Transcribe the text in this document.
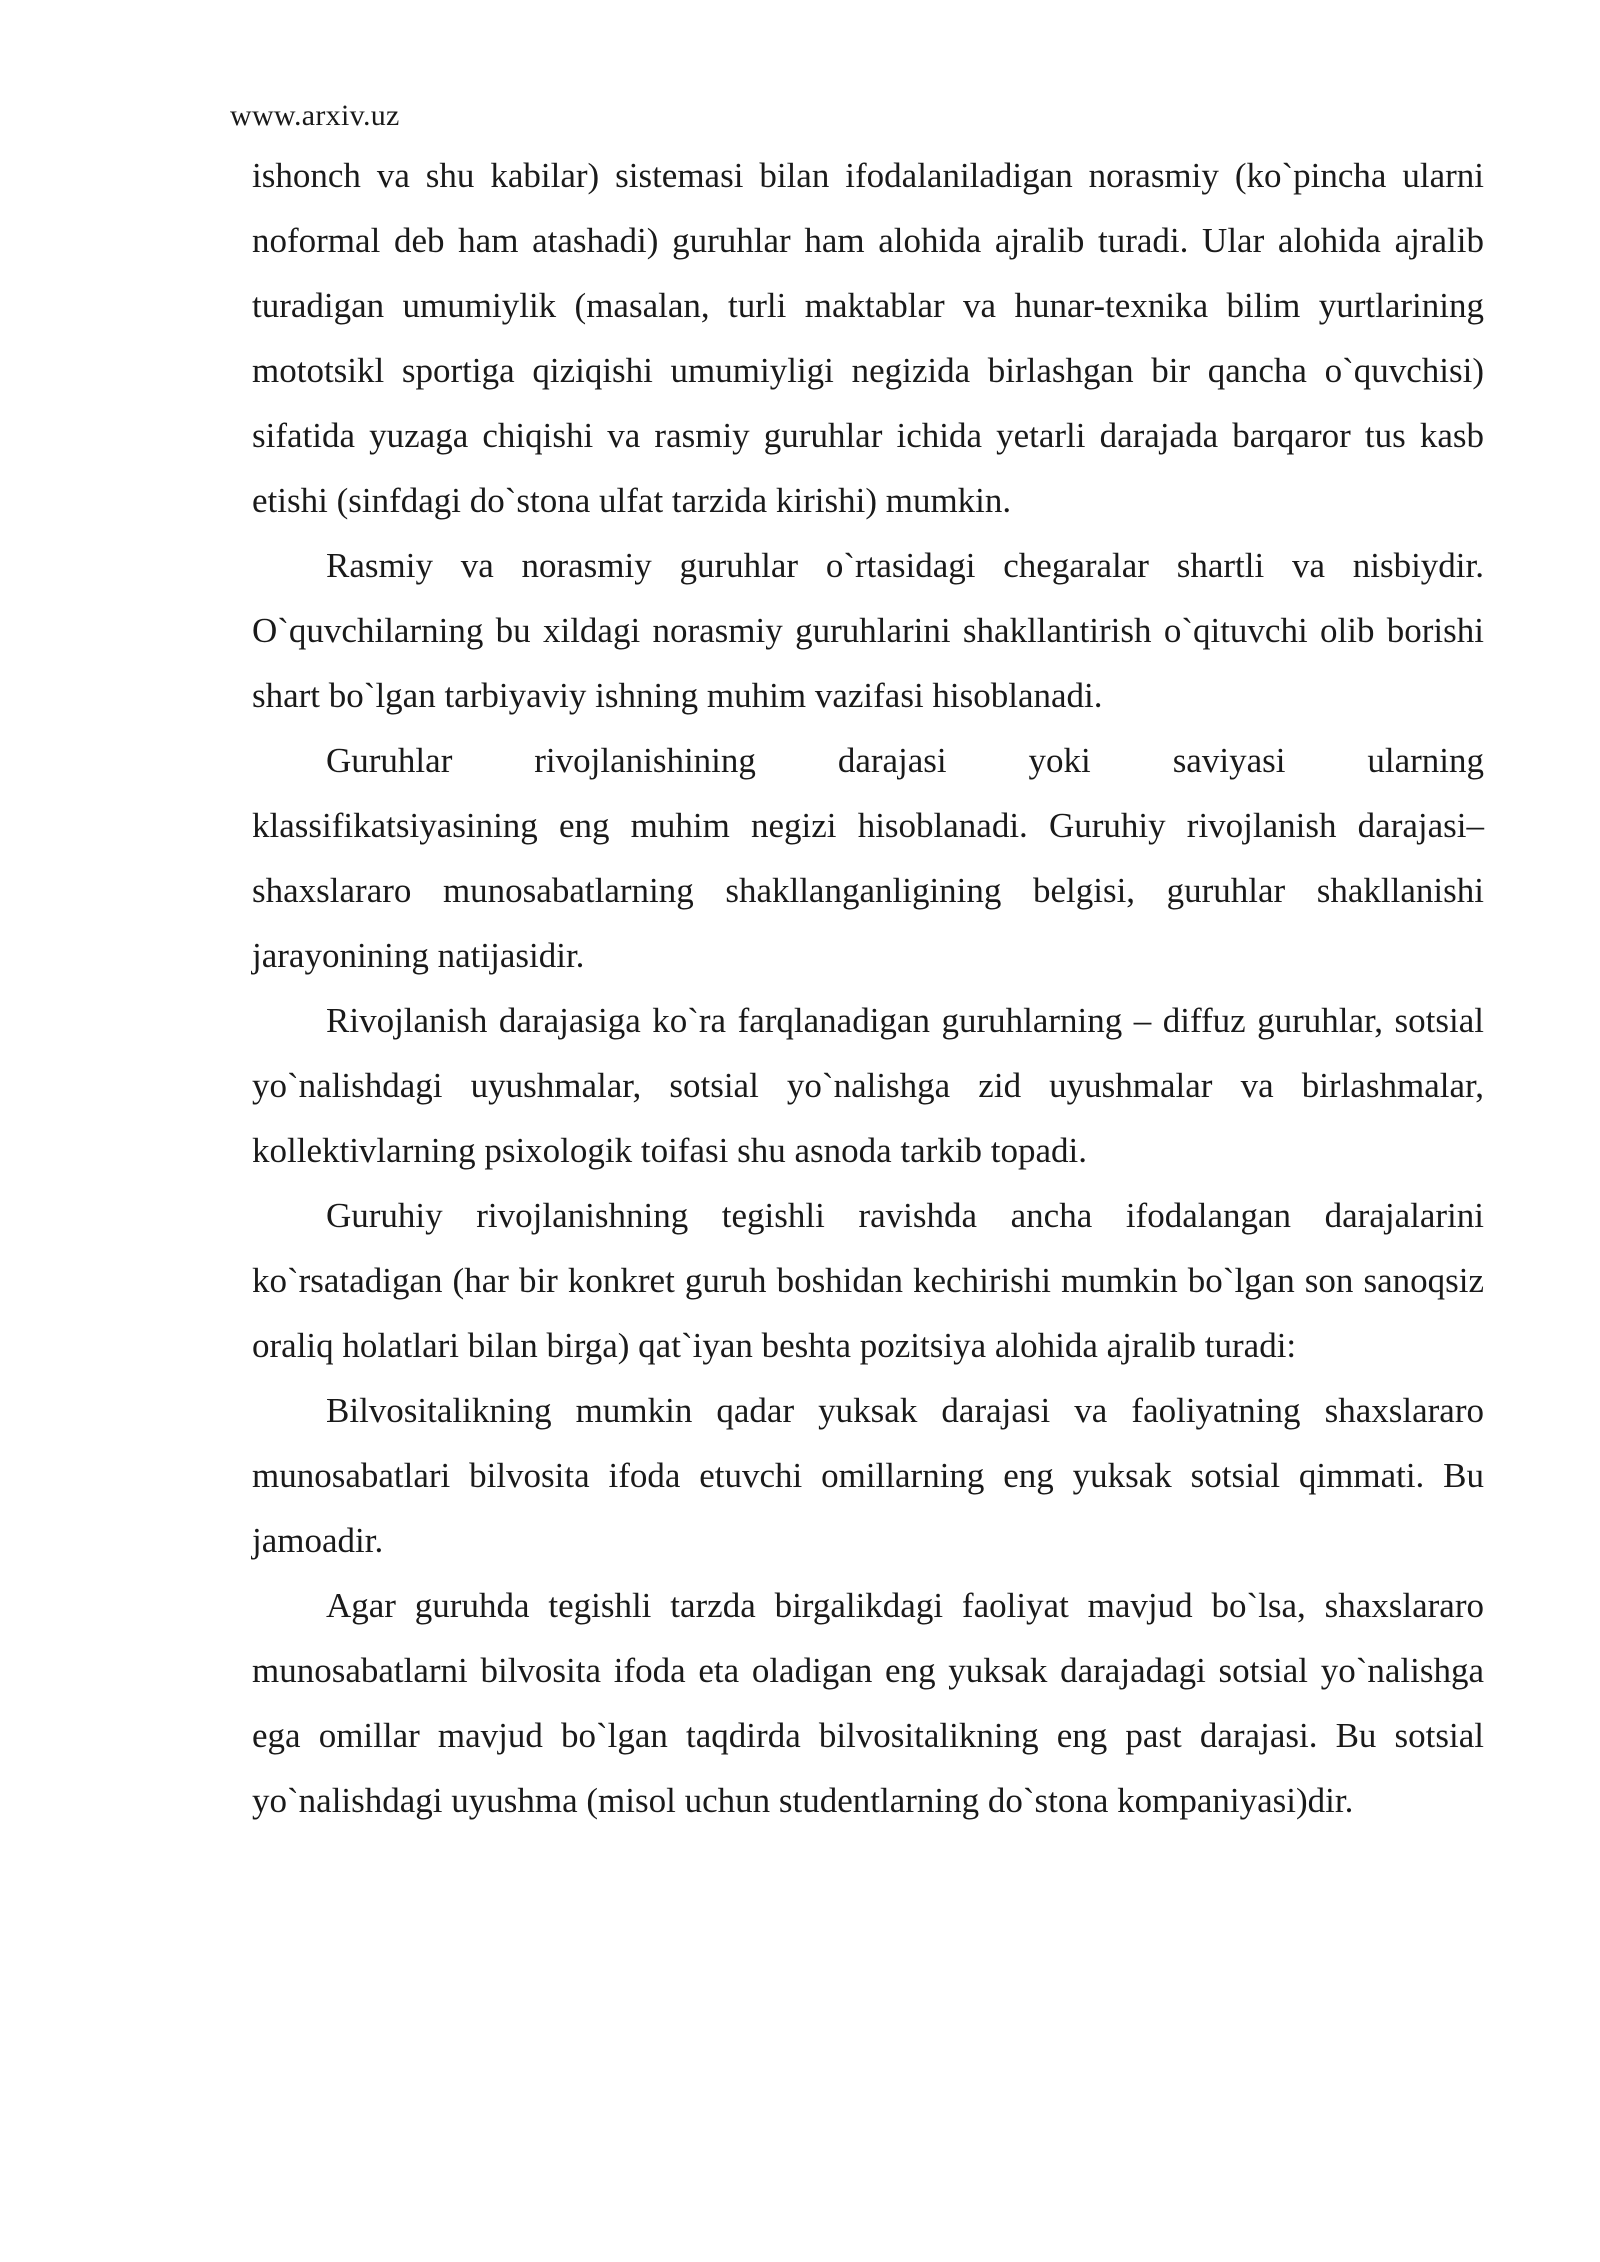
www.arxiv.uz

ishonch va shu kabilar) sistemasi bilan ifodalaniladigan norasmiy (ko`pincha ularni noformal deb ham atashadi) guruhlar ham alohida ajralib turadi. Ular alohida ajralib turadigan umumiylik (masalan, turli maktablar va hunar-texnika bilim yurtlarining mototsikl sportiga qiziqishi umumiyligi negizida birlashgan bir qancha o`quvchisi) sifatida yuzaga chiqishi va rasmiy guruhlar ichida yetarli darajada barqaror tus kasb etishi (sinfdagi do`stona ulfat tarzida kirishi) mumkin.

Rasmiy va norasmiy guruhlar o`rtasidagi chegaralar shartli va nisbiydir. O`quvchilarning bu xildagi norasmiy guruhlarini shakllantirish o`qituvchi olib borishi shart bo`lgan tarbiyaviy ishning muhim vazifasi hisoblanadi.

Guruhlar rivojlanishining darajasi yoki saviyasi ularning

klassifikatsiyasining eng muhim negizi hisoblanadi. Guruhiy rivojlanish darajasi– shaxslararo munosabatlarning shakllanganligining belgisi, guruhlar shakllanishi jarayonining natijasidir.

Rivojlanish darajasiga ko`ra farqlanadigan guruhlarning – diffuz guruhlar, sotsial yo`nalishdagi uyushmalar, sotsial yo`nalishga zid uyushmalar va birlashmalar, kollektivlarning psixologik toifasi shu asnoda tarkib topadi.

Guruhiy rivojlanishning tegishli ravishda ancha ifodalangan darajalarini ko`rsatadigan (har bir konkret guruh boshidan kechirishi mumkin bo`lgan son sanoqsiz oraliq holatlari bilan birga) qat`iyan beshta pozitsiya alohida ajralib turadi:

Bilvositalikning mumkin qadar yuksak darajasi va faoliyatning shaxslararo munosabatlari bilvosita ifoda etuvchi omillarning eng yuksak sotsial qimmati. Bu jamoadir.

Agar guruhda tegishli tarzda birgalikdagi faoliyat mavjud bo`lsa, shaxslararo munosabatlarni bilvosita ifoda eta oladigan eng yuksak darajadagi sotsial yo`nalishga ega omillar mavjud bo`lgan taqdirda bilvositalikning eng past darajasi. Bu sotsial yo`nalishdagi uyushma (misol uchun studentlarning do`stona kompaniyasi)dir.
